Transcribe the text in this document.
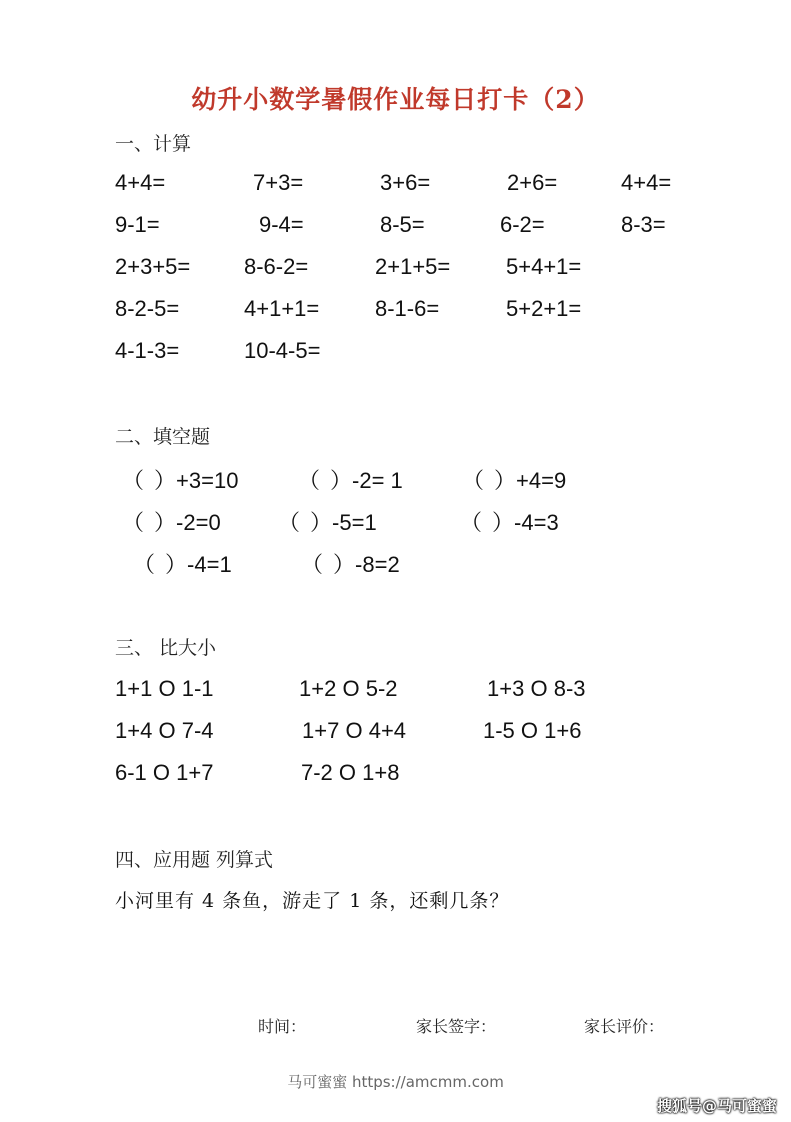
幼升小数学暑假作业每日打卡（2）
一、计算
4+4=	7+3=	3+6=	2+6=	4+4=
9-1=	9-4=	8-5=	6-2=	8-3=
2+3+5= 8-6-2=	2+1+5=	5+4+1=
8-2-5=	4+1+1=	8-1-6=	5+2+1=
4-1-3=	10-4-5=
二、填空题
（ ）+3=10	（ ）-2= 1	（ ）+4=9
（ ）-2=0	（ ）-5=1	（ ）-4=3
（ ）-4=1	（ ）-8=2
三、 比大小
1+1 O 1-1	1+2 O 5-2	1+3 O 8-3
1+4 O 7-4	1+7 O 4+4	1-5 O 1+6
6-1 O 1+7	7-2 O 1+8
四、应用题 列算式
小河里有 4 条鱼，游走了 1 条，还剩几条？
时间：	家长签字：	家长评价：
马可蜜蜜 https://amcmm.com
搜狐号@马可蜜蜜
